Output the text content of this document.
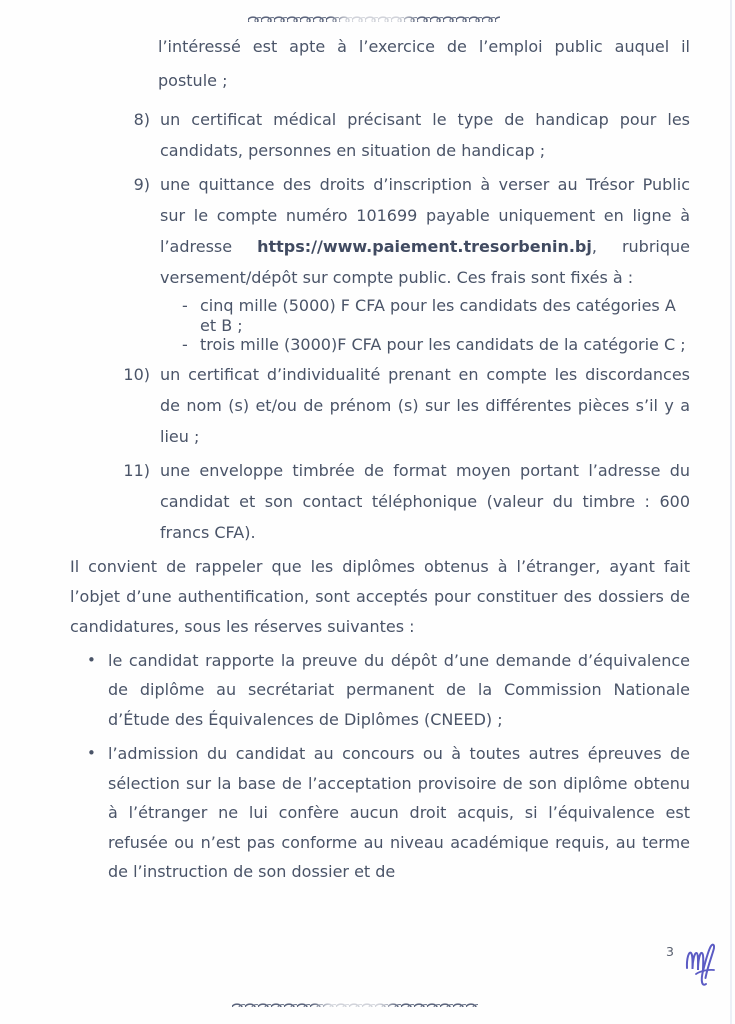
l’intéressé est apte à l’exercice de l’emploi public auquel il postule ;
8) un certificat médical précisant le type de handicap pour les candidats, personnes en situation de handicap ;
9) une quittance des droits d’inscription à verser au Trésor Public sur le compte numéro 101699 payable uniquement en ligne à l’adresse https://www.paiement.tresorbenin.bj, rubrique versement/dépôt sur compte public. Ces frais sont fixés à :
- cinq mille (5000) F CFA pour les candidats des catégories A et B ;
- trois mille (3000)F CFA pour les candidats de la catégorie C ;
10) un certificat d’individualité prenant en compte les discordances de nom (s) et/ou de prénom (s) sur les différentes pièces s’il y a lieu ;
11) une enveloppe timbrée de format moyen portant l’adresse du candidat et son contact téléphonique (valeur du timbre : 600 francs CFA).
Il convient de rappeler que les diplômes obtenus à l’étranger, ayant fait l’objet d’une authentification, sont acceptés pour constituer des dossiers de candidatures, sous les réserves suivantes :
• le candidat rapporte la preuve du dépôt d’une demande d’équivalence de diplôme au secrétariat permanent de la Commission Nationale d’Étude des Équivalences de Diplômes (CNEED) ;
• l’admission du candidat au concours ou à toutes autres épreuves de sélection sur la base de l’acceptation provisoire de son diplôme obtenu à l’étranger ne lui confère aucun droit acquis, si l’équivalence est refusée ou n’est pas conforme au niveau académique requis, au terme de l’instruction de son dossier et de
3
